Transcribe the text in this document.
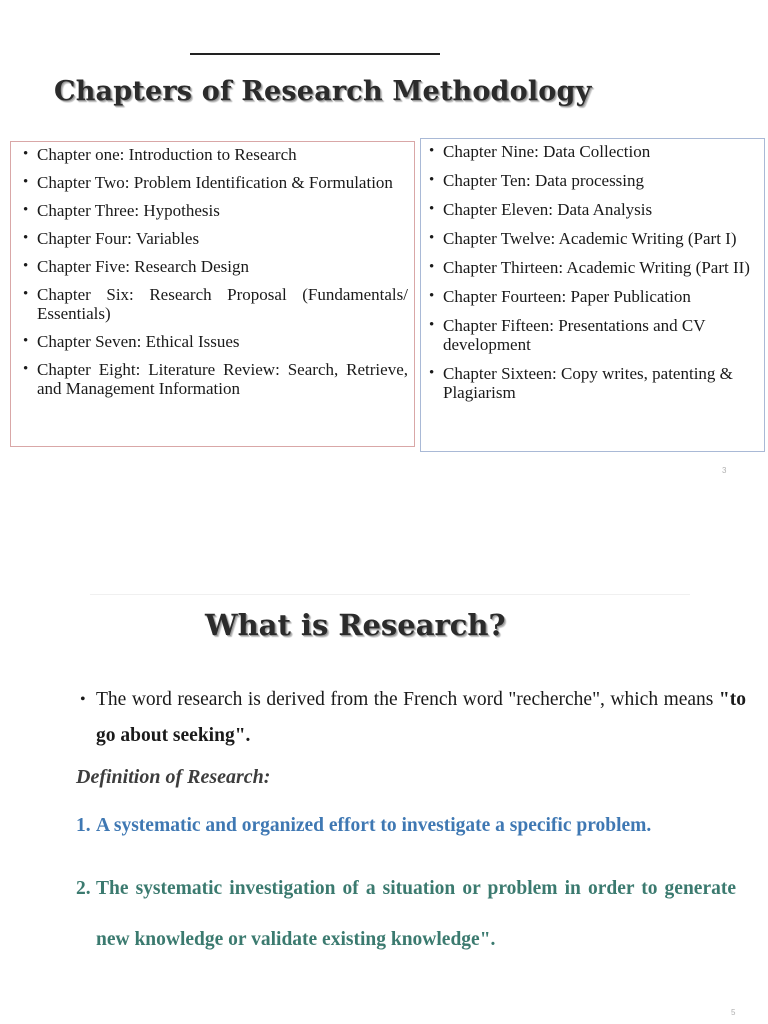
Chapters of Research Methodology
• Chapter one: Introduction to Research
• Chapter Two: Problem Identification & Formulation
• Chapter Three: Hypothesis
• Chapter Four: Variables
• Chapter Five: Research Design
• Chapter Six: Research Proposal (Fundamentals/ Essentials)
• Chapter Seven: Ethical Issues
• Chapter Eight: Literature Review: Search, Retrieve, and Management Information
• Chapter Nine: Data Collection
• Chapter Ten: Data processing
• Chapter Eleven: Data Analysis
• Chapter Twelve: Academic Writing (Part I)
• Chapter Thirteen: Academic Writing (Part II)
• Chapter Fourteen: Paper Publication
• Chapter Fifteen: Presentations and CV development
• Chapter Sixteen: Copy writes, patenting & Plagiarism
3
What is Research?

• The word research is derived from the French word "recherche", which means "to go about seeking".

Definition of Research:

1. A systematic and organized effort to investigate a specific problem.
2. The systematic investigation of a situation or problem in order to generate new knowledge or validate existing knowledge".
5
